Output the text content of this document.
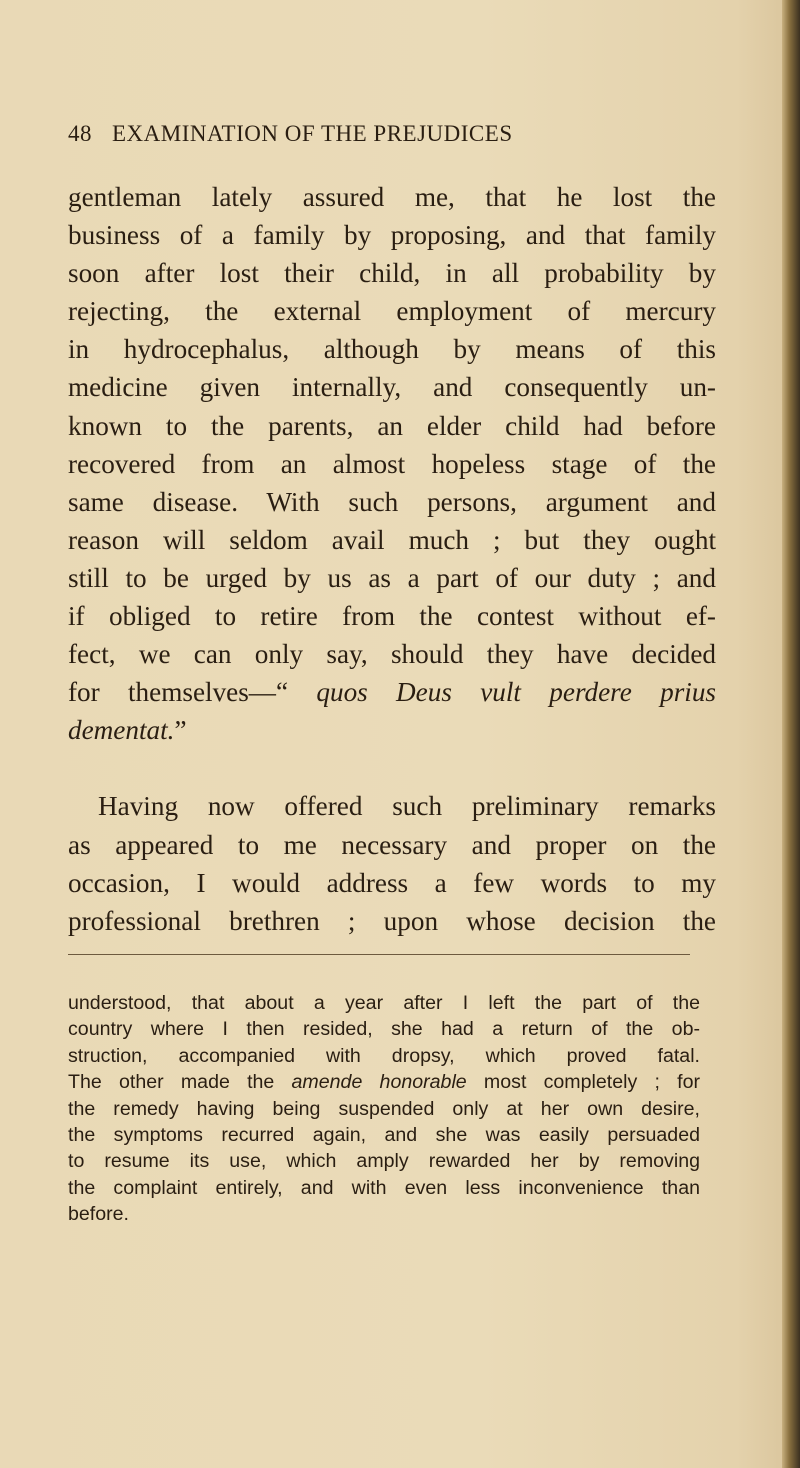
48 EXAMINATION OF THE PREJUDICES
gentleman lately assured me, that he lost the
business of a family by proposing, and that family
soon after lost their child, in all probability by
rejecting, the external employment of mercury
in hydrocephalus, although by means of this
medicine given internally, and consequently un-
known to the parents, an elder child had before
recovered from an almost hopeless stage of the
same disease. With such persons, argument and
reason will seldom avail much ; but they ought
still to be urged by us as a part of our duty ; and
if obliged to retire from the contest without ef-
fect, we can only say, should they have decided
for themselves—“ quos Deus vult perdere prius
dementat.”
Having now offered such preliminary remarks
as appeared to me necessary and proper on the
occasion, I would address a few words to my
professional brethren ; upon whose decision the
understood, that about a year after I left the part of the
country where I then resided, she had a return of the ob-
struction, accompanied with dropsy, which proved fatal.
The other made the amende honorable most completely ; for
the remedy having being suspended only at her own desire,
the symptoms recurred again, and she was easily persuaded
to resume its use, which amply rewarded her by removing
the complaint entirely, and with even less inconvenience than
before.
